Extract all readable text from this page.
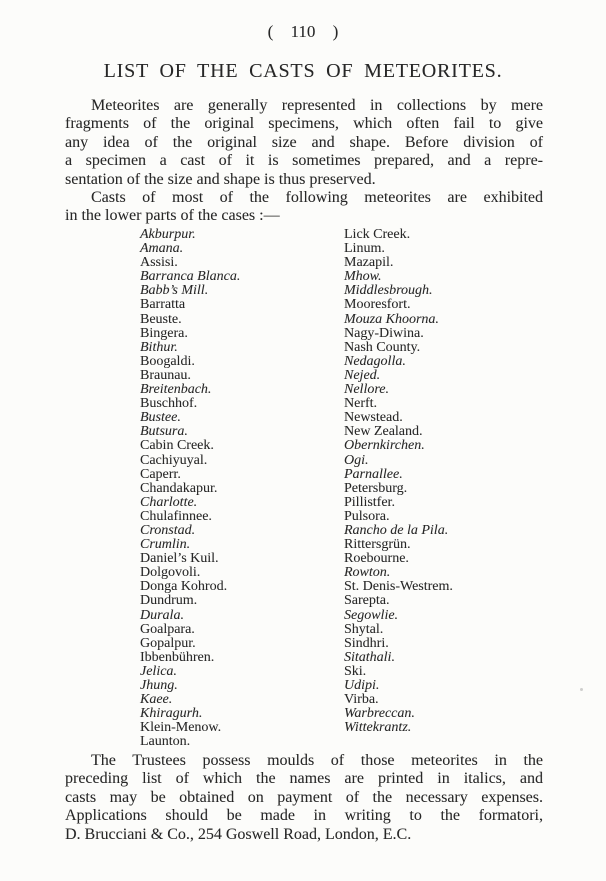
( 110 )
LIST OF THE CASTS OF METEORITES.
Meteorites are generally represented in collections by mere
fragments of the original specimens, which often fail to give
any idea of the original size and shape. Before division of
a specimen a cast of it is sometimes prepared, and a repre-
sentation of the size and shape is thus preserved.
Casts of most of the following meteorites are exhibited
in the lower parts of the cases :—
Akburpur.
Amana.
Assisi.
Barranca Blanca.
Babb’s Mill.
Barratta
Beuste.
Bingera.
Bithur.
Boogaldi.
Braunau.
Breitenbach.
Buschhof.
Bustee.
Butsura.
Cabin Creek.
Cachiyuyal.
Caperr.
Chandakapur.
Charlotte.
Chulafinnee.
Cronstad.
Crumlin.
Daniel’s Kuil.
Dolgovoli.
Donga Kohrod.
Dundrum.
Durala.
Goalpara.
Gopalpur.
Ibbenbühren.
Jelica.
Jhung.
Kaee.
Khiragurh.
Klein-Menow.
Launton.
Lick Creek.
Linum.
Mazapil.
Mhow.
Middlesbrough.
Mooresfort.
Mouza Khoorna.
Nagy-Diwina.
Nash County.
Nedagolla.
Nejed.
Nellore.
Nerft.
Newstead.
New Zealand.
Obernkirchen.
Ogi.
Parnallee.
Petersburg.
Pillistfer.
Pulsora.
Rancho de la Pila.
Rittersgrün.
Roebourne.
Rowton.
St. Denis-Westrem.
Sarepta.
Segowlie.
Shytal.
Sindhri.
Sitathali.
Ski.
Udipi.
Virba.
Warbreccan.
Wittekrantz.
The Trustees possess moulds of those meteorites in the
preceding list of which the names are printed in italics, and
casts may be obtained on payment of the necessary expenses.
Applications should be made in writing to the formatori,
D. Brucciani & Co., 254 Goswell Road, London, E.C.
